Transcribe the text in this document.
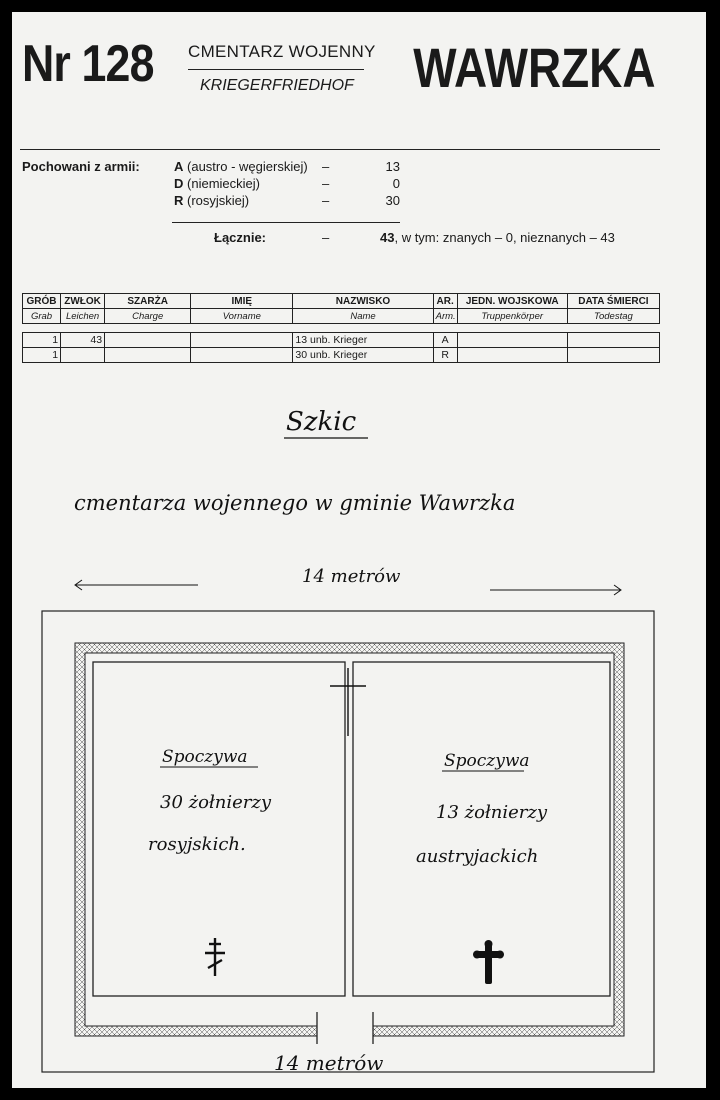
Nr 128 CMENTARZ WOJENNY
KRIEGERFRIEDHOF WAWRZKA
Pochowani z armii:	A (austro - węgierskiej) –	13
D (niemieckiej)	–	0
R (rosyjskiej)	–	30
Łącznie:	–	43, w tym: znanych – 0, nieznanych – 43
GRÓB	ZWŁOK	SZARŻA	IMIĘ	NAZWISKO	AR.	JEDN. WOJSKOWA	DATA ŚMIERCI
Grab	Leichen	Charge	Vorname	Name	Arm.	Truppenkörper	Todestag
1	43			13 unb. Krieger	A		
1				30 unb. Krieger	R		
Szkic
cmentarza wojennego w gminie Wawrzka
14 metrów
Spoczywa
30 żołnierzy
rosyjskich.
Spoczywa
13 żołnierzy
austryjackich
14 metrów
